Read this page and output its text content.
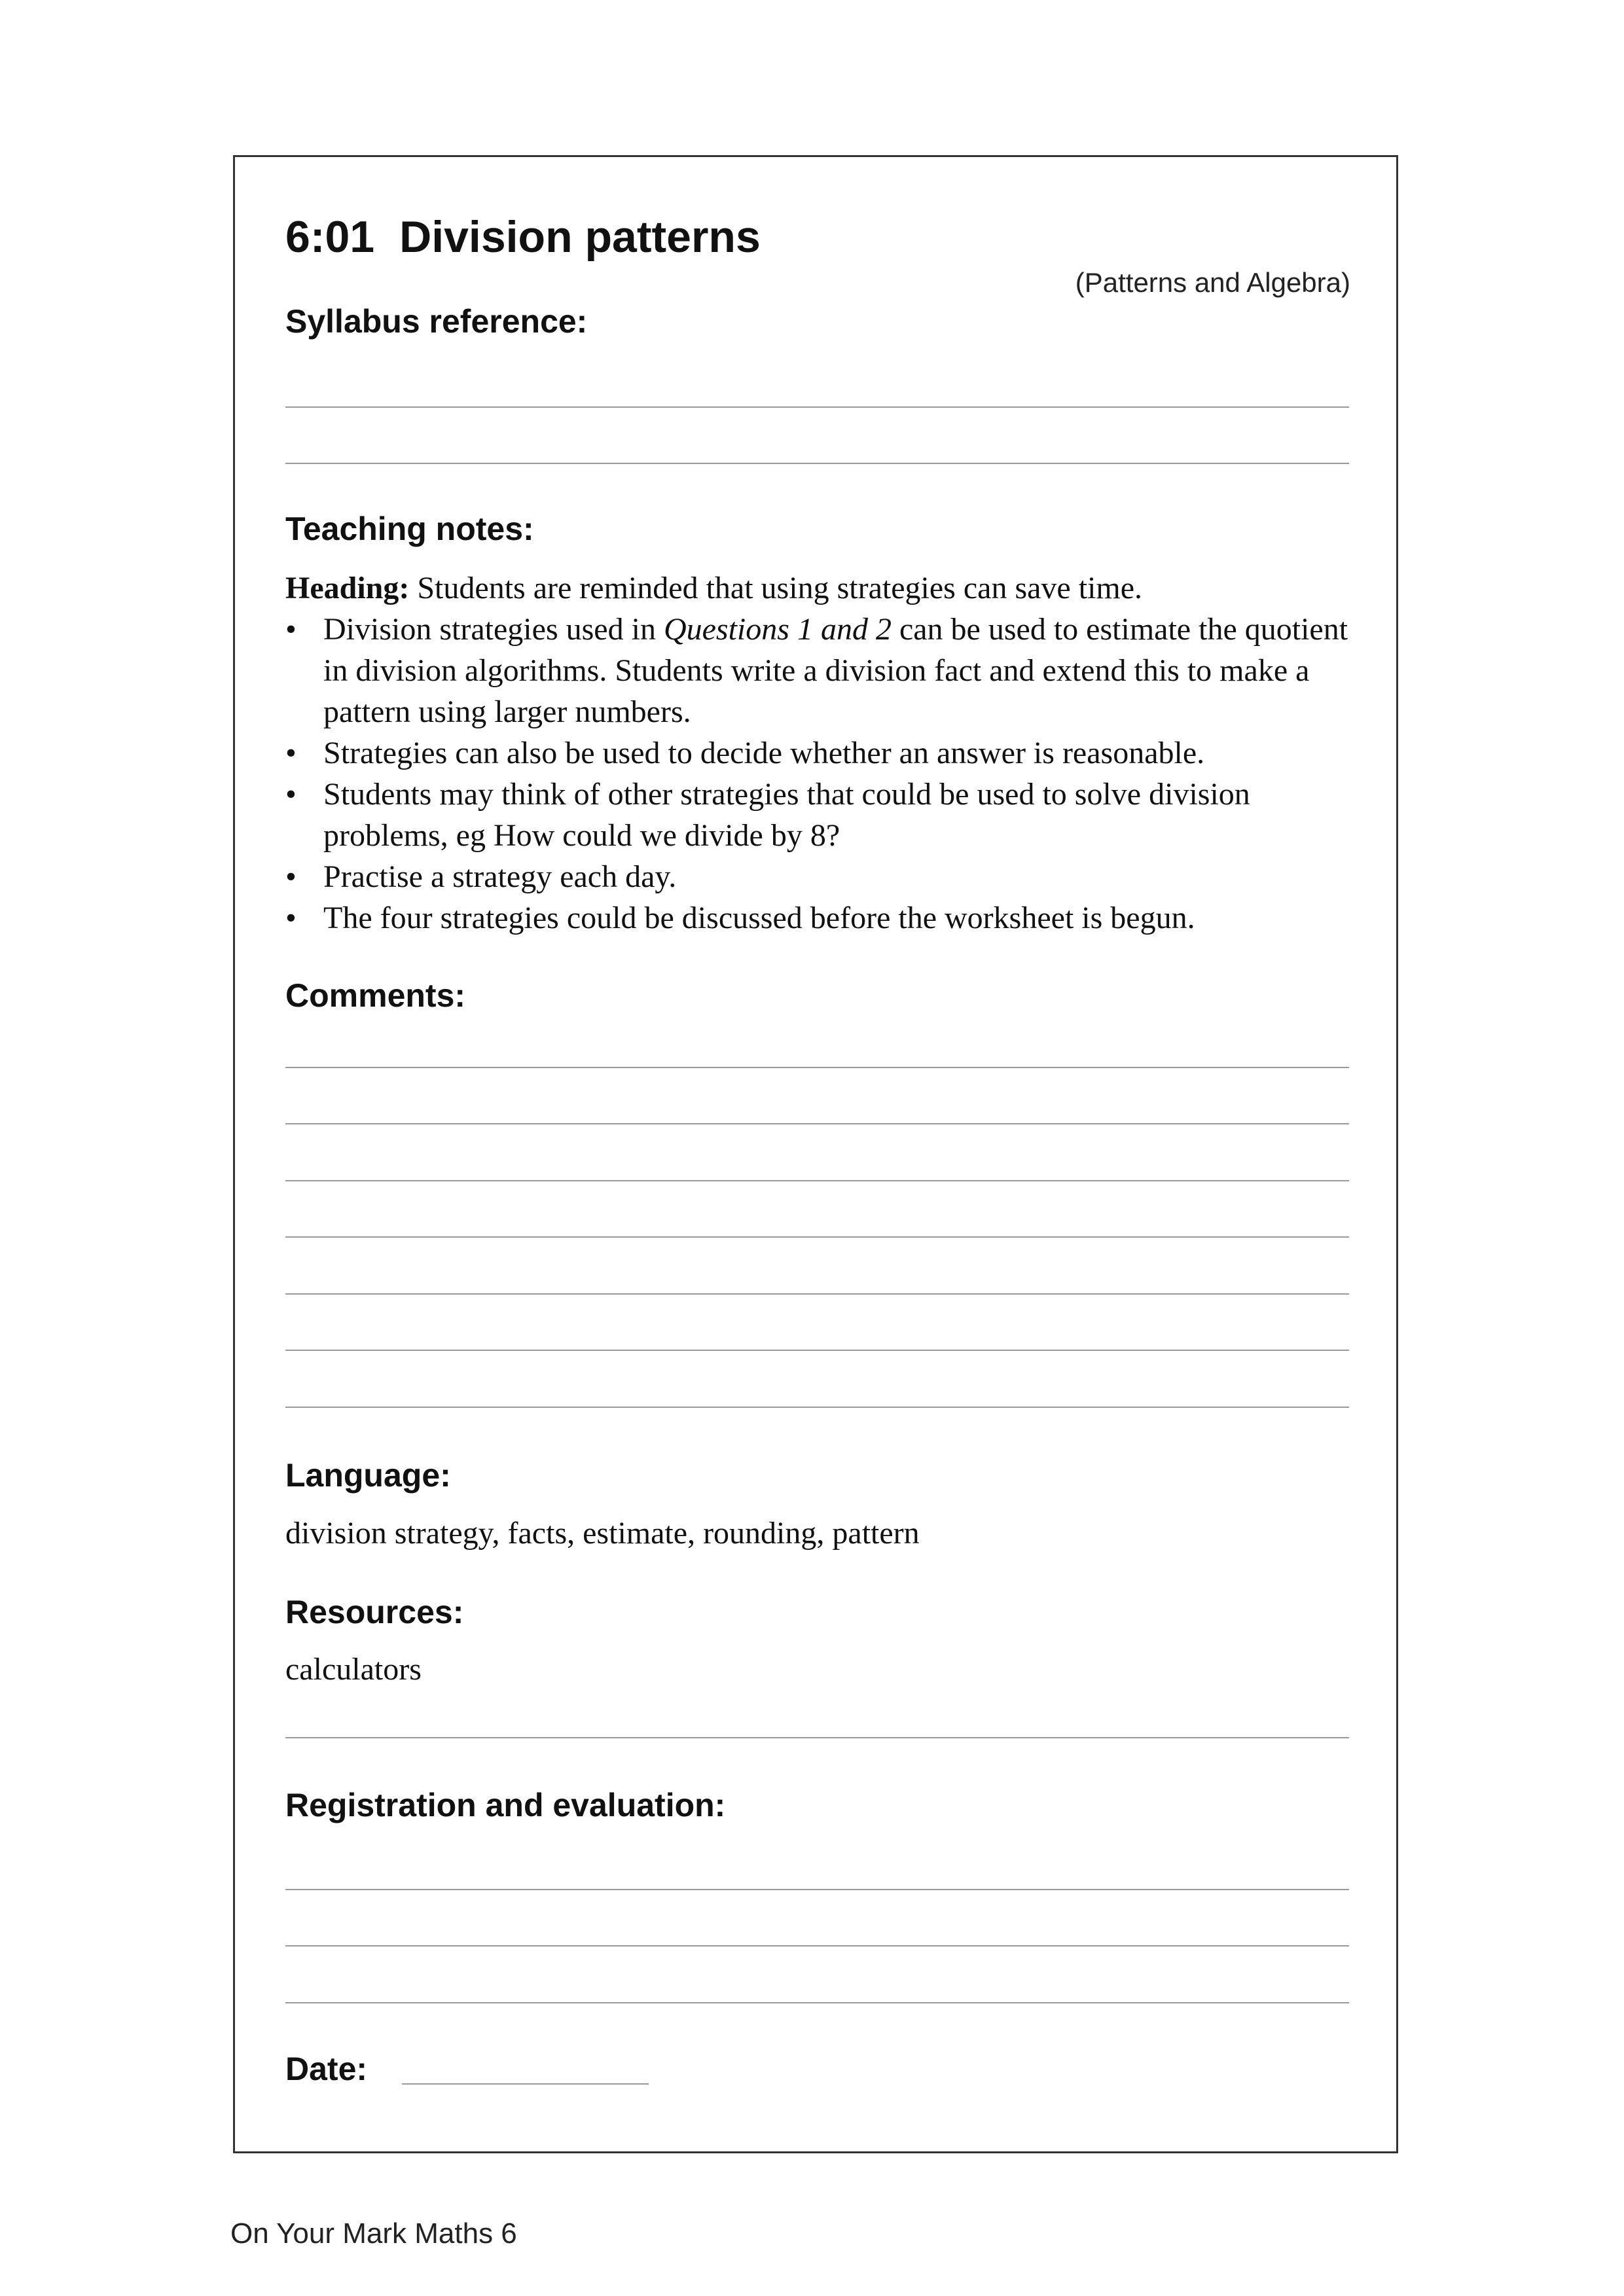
6:01 Division patterns
(Patterns and Algebra)
Syllabus reference:
Teaching notes:

Heading: Students are reminded that using strategies can save time.

• Division strategies used in Questions 1 and 2 can be used to estimate the quotient in division algorithms. Students write a division fact and extend this to make a pattern using larger numbers.
• Strategies can also be used to decide whether an answer is reasonable.
• Students may think of other strategies that could be used to solve division problems, eg How could we divide by 8?
• Practise a strategy each day.
• The four strategies could be discussed before the worksheet is begun.
Comments:
Language:

division strategy, facts, estimate, rounding, pattern

Resources:

calculators

Registration and evaluation:
Date:
On Your Mark Maths 6
